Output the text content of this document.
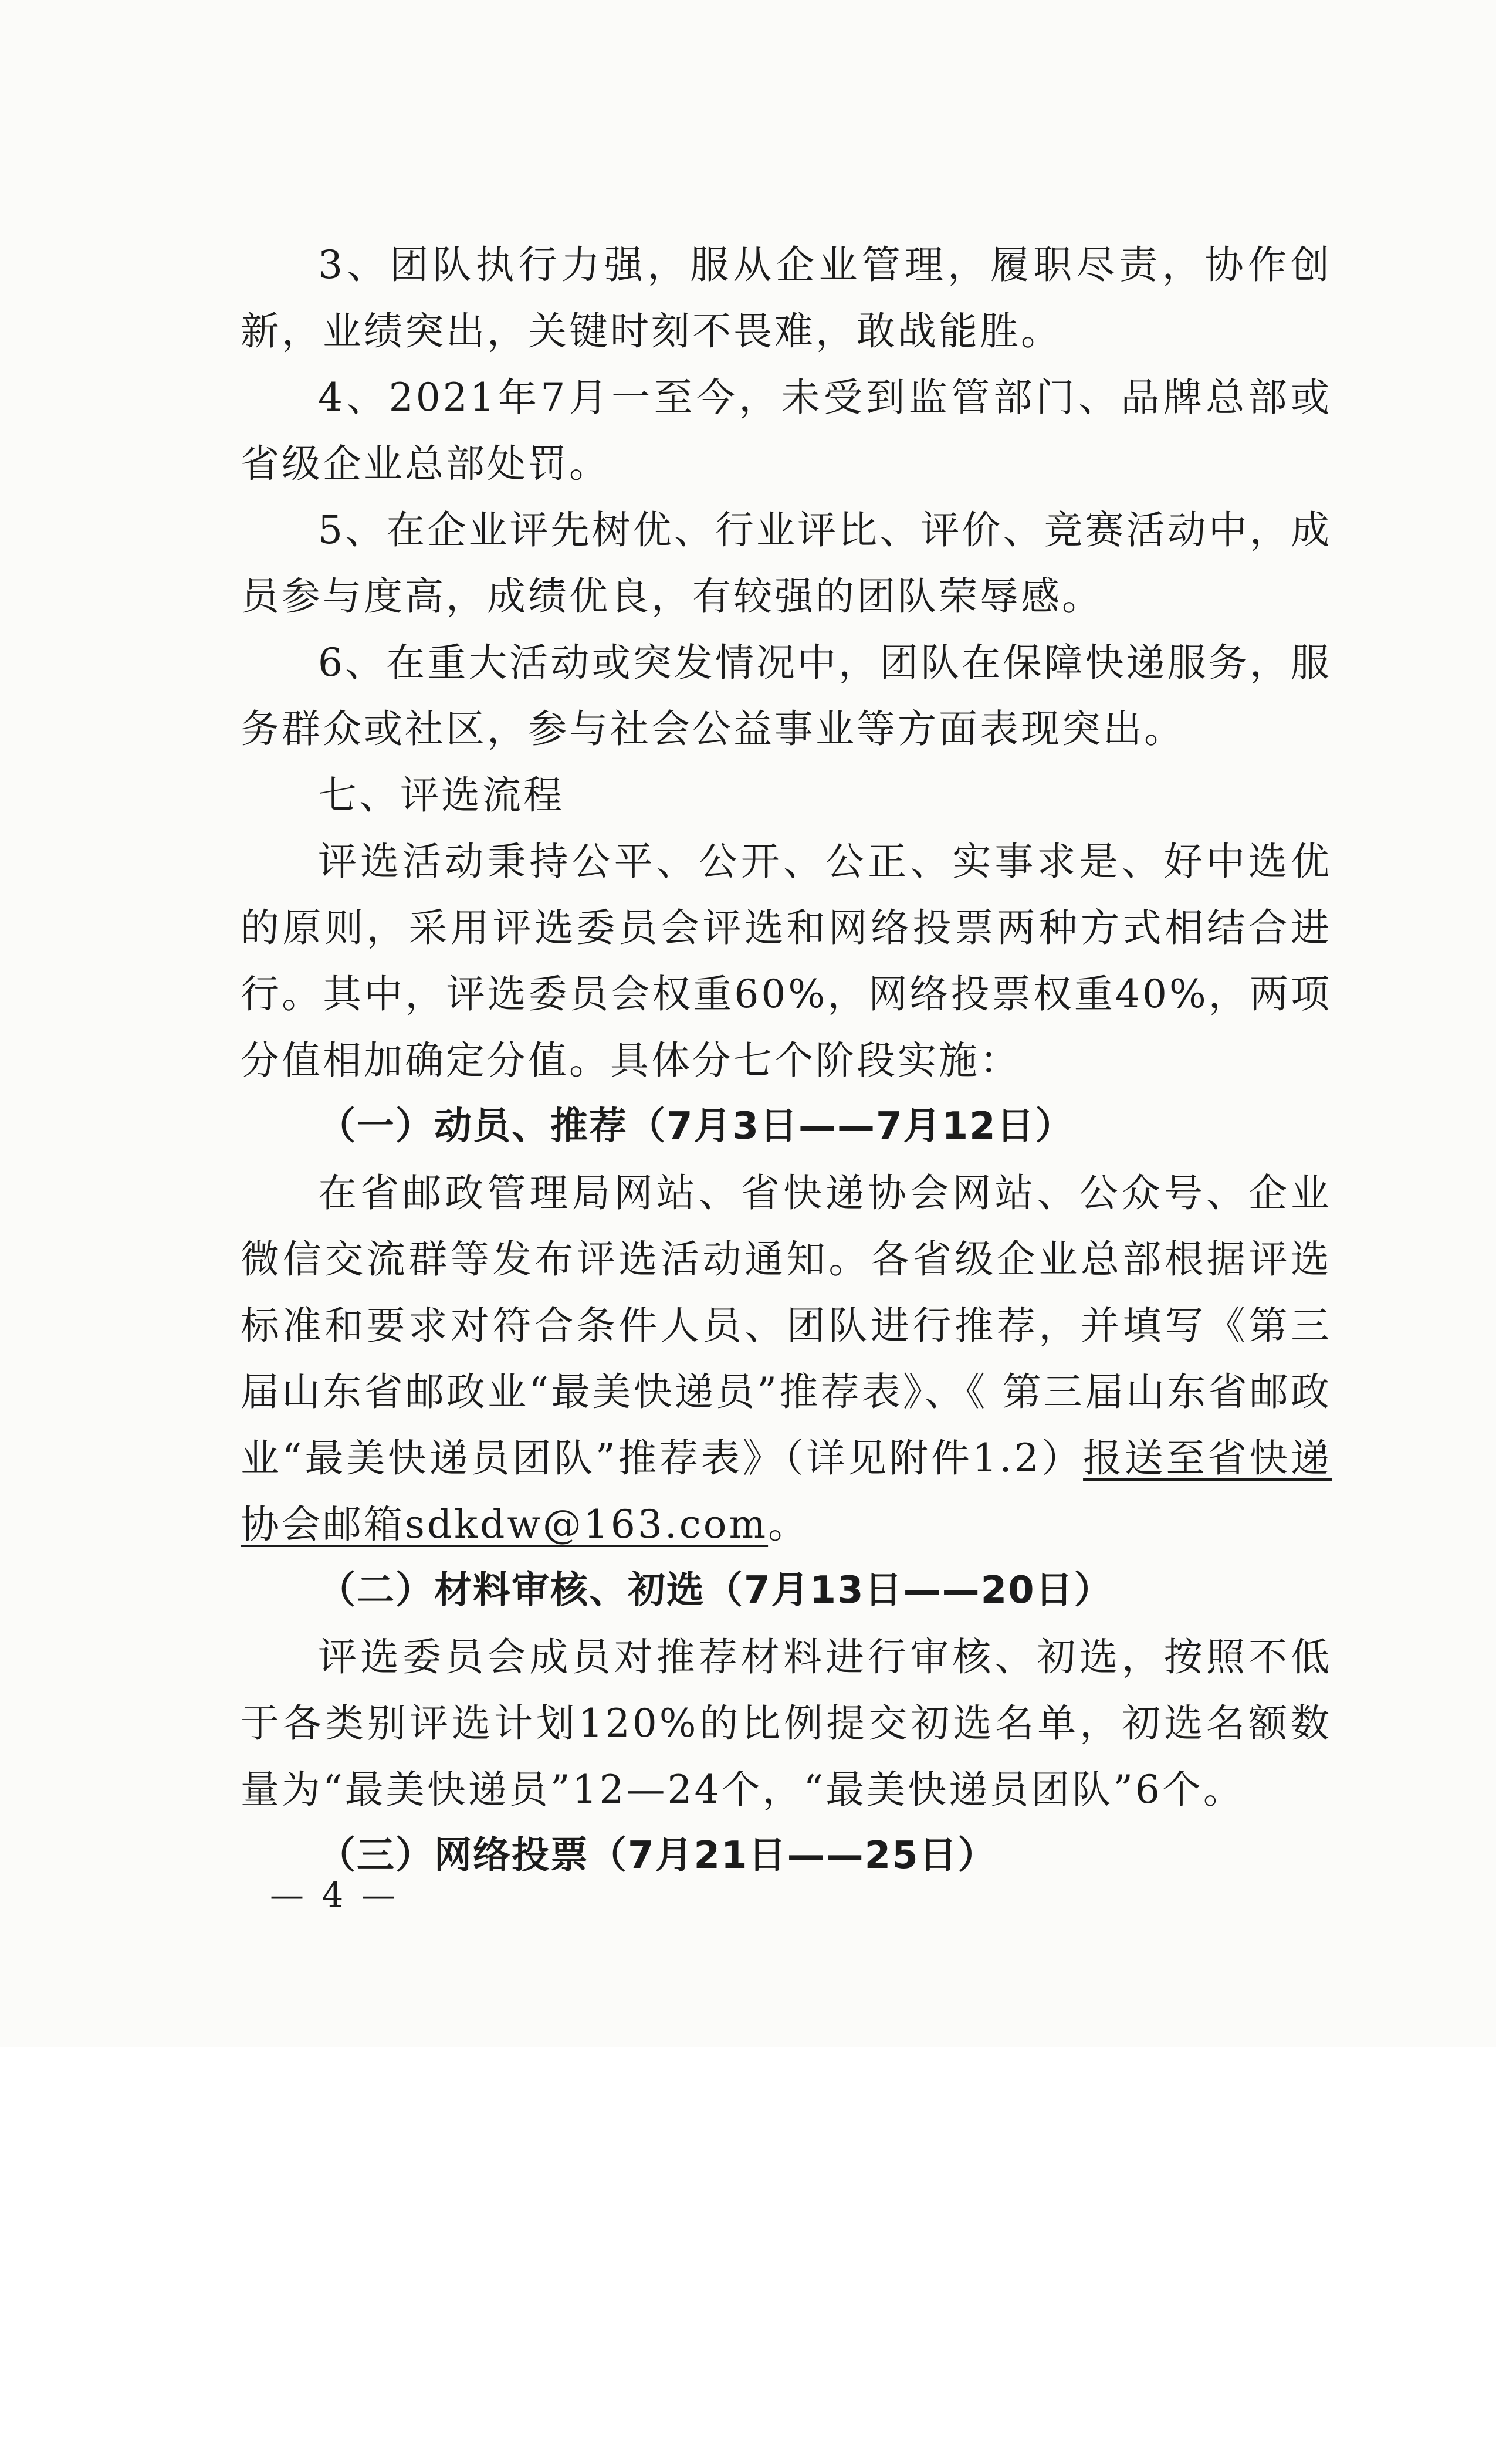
3、团队执行力强，服从企业管理，履职尽责，协作创新，业绩突出，关键时刻不畏难，敢战能胜。

4、2021年7月一至今，未受到监管部门、品牌总部或省级企业总部处罚。

5、在企业评先树优、行业评比、评价、竞赛活动中，成员参与度高，成绩优良，有较强的团队荣辱感。

6、在重大活动或突发情况中，团队在保障快递服务，服务群众或社区，参与社会公益事业等方面表现突出。

七、评选流程

评选活动秉持公平、公开、公正、实事求是、好中选优的原则，采用评选委员会评选和网络投票两种方式相结合进行。其中，评选委员会权重60%，网络投票权重40%，两项分值相加确定分值。具体分七个阶段实施：

（一）动员、推荐（7月3日——7月12日）

在省邮政管理局网站、省快递协会网站、公众号、企业微信交流群等发布评选活动通知。各省级企业总部根据评选标准和要求对符合条件人员、团队进行推荐，并填写《第三届山东省邮政业“最美快递员”推荐表》、《 第三届山东省邮政业“最美快递员团队”推荐表》（详见附件1.2）报送至省快递协会邮箱sdkdw@163.com。

（二）材料审核、初选（7月13日——20日）

评选委员会成员对推荐材料进行审核、初选，按照不低于各类别评选计划120%的比例提交初选名单，初选名额数量为“最美快递员”12—24个，“最美快递员团队”6个。

（三）网络投票（7月21日——25日）

— 4 —
